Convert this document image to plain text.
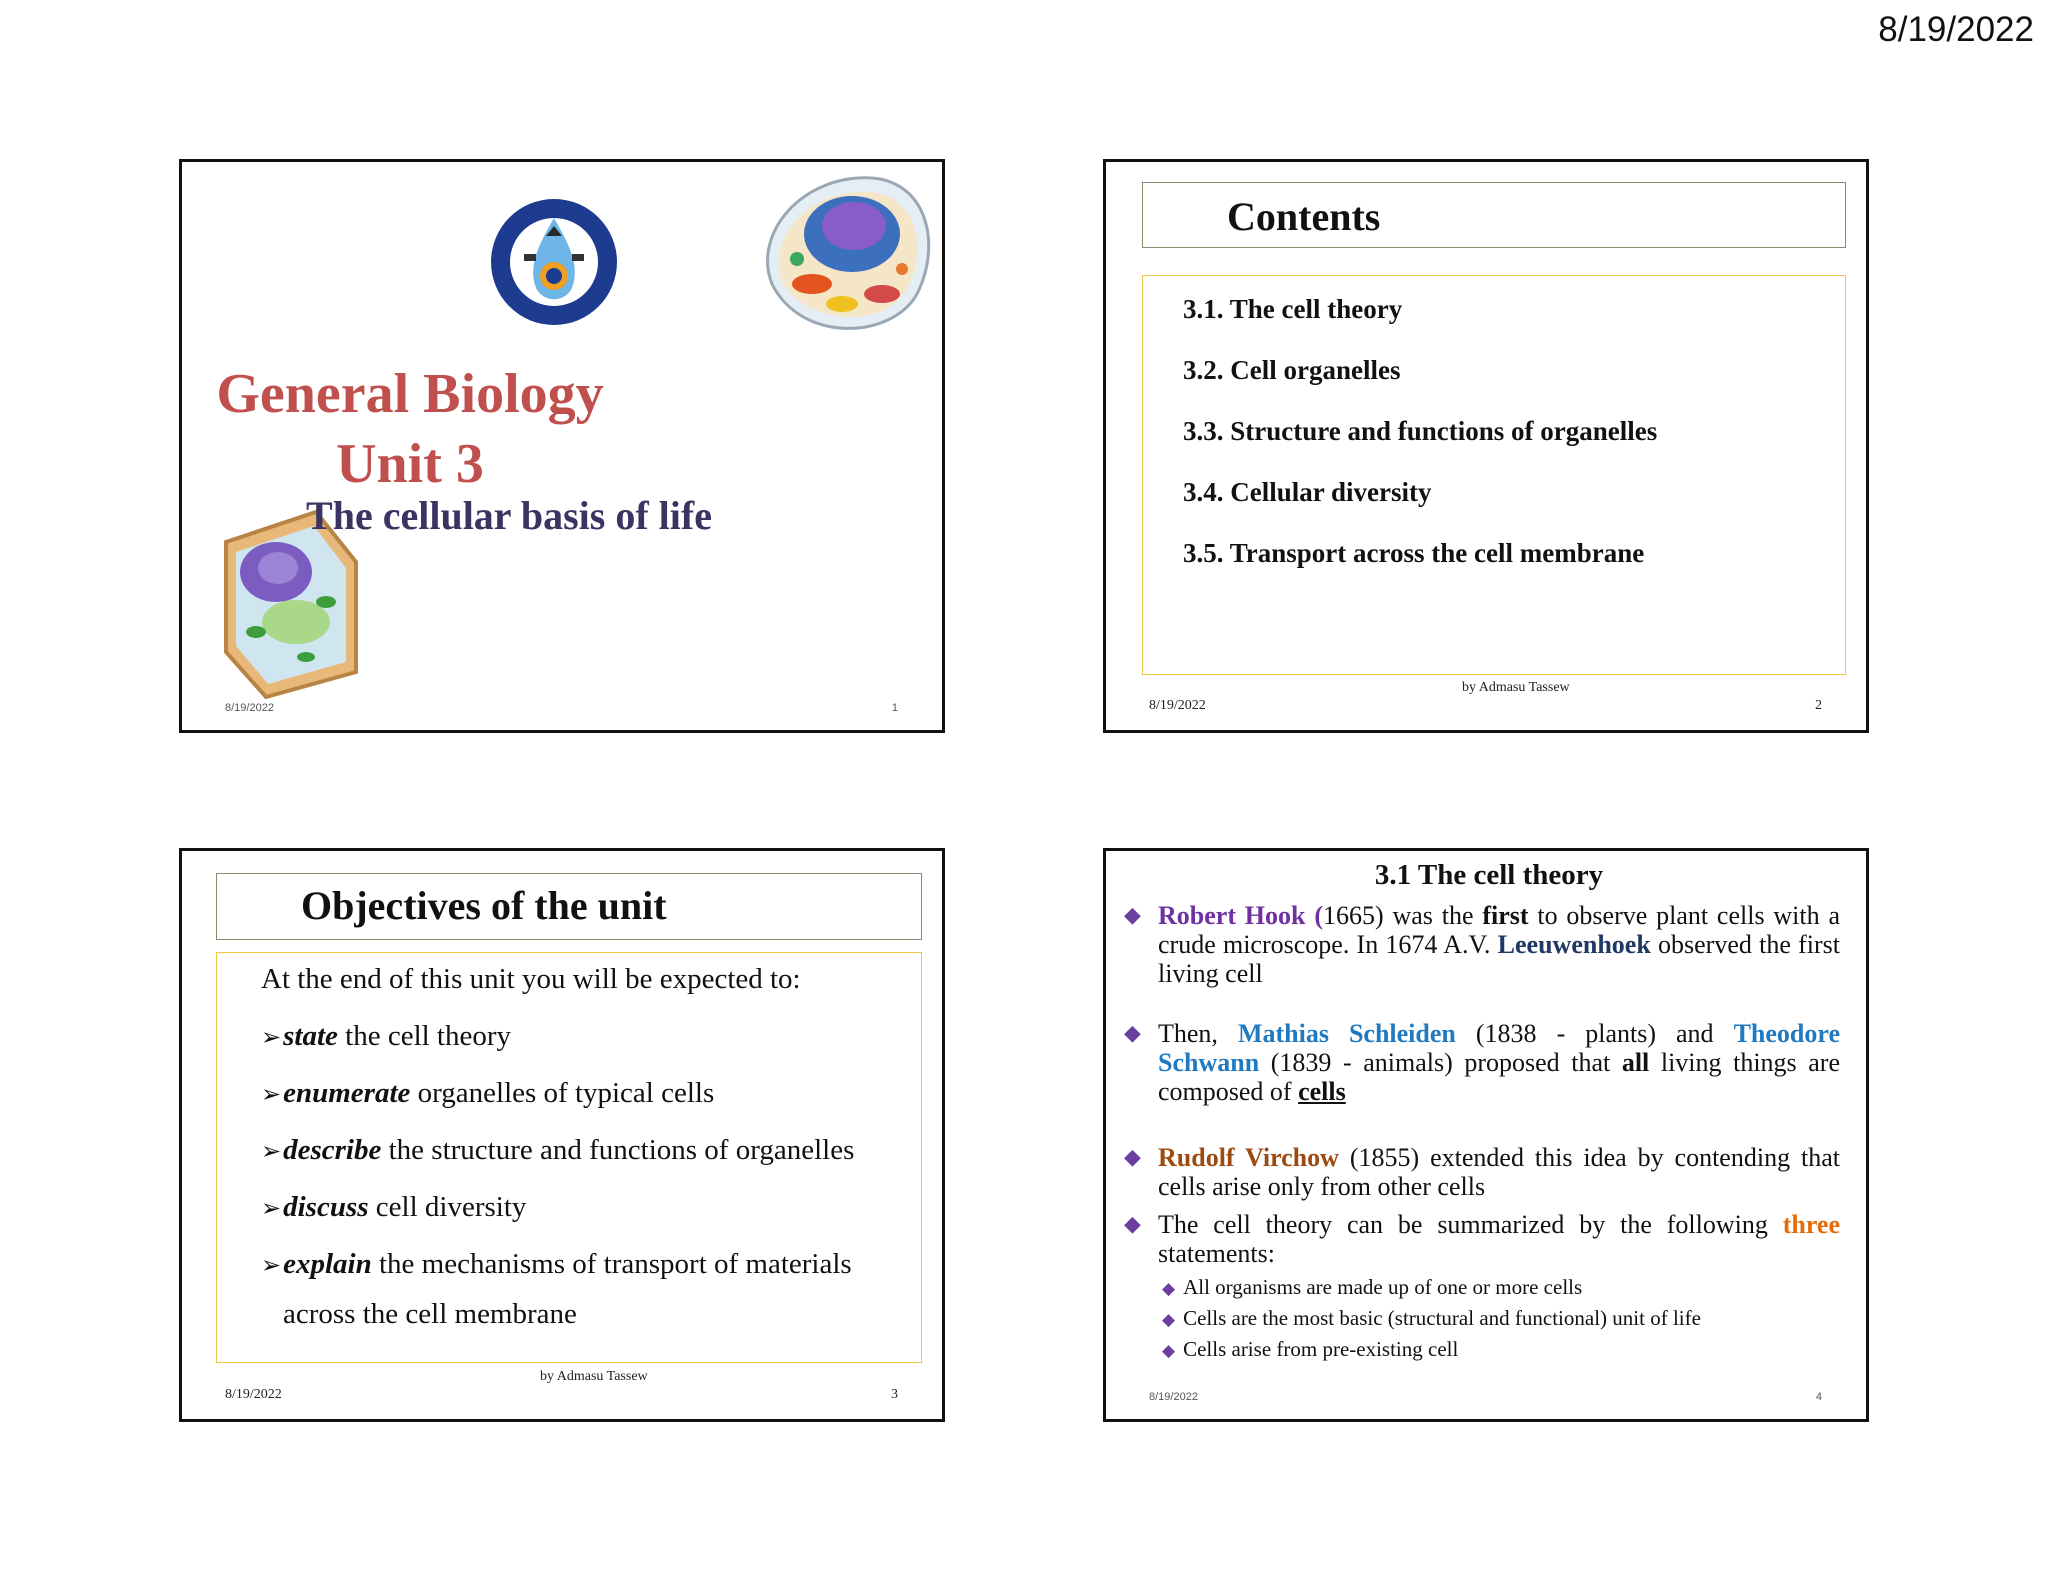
8/19/2022
General Biology
Unit 3
The cellular basis of life
8/19/2022	1
Contents
3.1. The cell theory
3.2. Cell organelles
3.3. Structure and functions of organelles
3.4. Cellular diversity
3.5. Transport across the cell membrane
by Admasu Tassew
8/19/2022	2
Objectives of the unit
At the end of this unit you will be expected to:
➢state the cell theory
➢enumerate organelles of typical cells
➢describe the structure and functions of organelles
➢discuss cell diversity
➢explain the mechanisms of transport of materials
across the cell membrane
by Admasu Tassew
8/19/2022	3
3.1 The cell theory
◆ Robert Hook (1665) was the first to observe plant cells with a crude microscope. In 1674 A.V. Leeuwenhoek observed the first living cell
◆ Then, Mathias Schleiden (1838 - plants) and Theodore Schwann (1839 - animals) proposed that all living things are composed of cells
◆ Rudolf Virchow (1855) extended this idea by contending that cells arise only from other cells
◆ The cell theory can be summarized by the following three statements:
◆ All organisms are made up of one or more cells
◆ Cells are the most basic (structural and functional) unit of life
◆ Cells arise from pre-existing cell
8/19/2022	4
